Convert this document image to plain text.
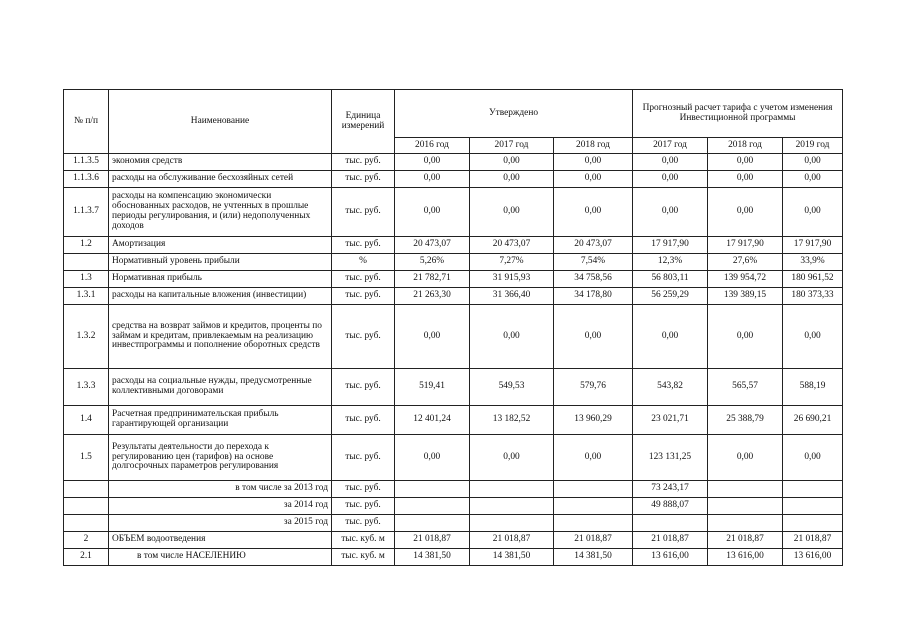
№ п/п	Наименование	Единица измерений	Утверждено			Прогнозный расчет тарифа с учетом изменения Инвестиционной программы		
			2016 год	2017 год	2018 год	2017 год	2018 год	2019 год
1.1.3.5	экономия средств	тыс. руб.	0,00	0,00	0,00	0,00	0,00	0,00
1.1.3.6	расходы на обслуживание бесхозяйных сетей	тыс. руб.	0,00	0,00	0,00	0,00	0,00	0,00
1.1.3.7	расходы на компенсацию экономически обоснованных расходов, не учтенных в прошлые периоды регулирования, и (или) недополученных доходов	тыс. руб.	0,00	0,00	0,00	0,00	0,00	0,00
1.2	Амортизация	тыс. руб.	20 473,07	20 473,07	20 473,07	17 917,90	17 917,90	17 917,90
	Нормативный уровень прибыли	%	5,26%	7,27%	7,54%	12,3%	27,6%	33,9%
1.3	Нормативная прибыль	тыс. руб.	21 782,71	31 915,93	34 758,56	56 803,11	139 954,72	180 961,52
1.3.1	расходы на капитальные вложения (инвестиции)	тыс. руб.	21 263,30	31 366,40	34 178,80	56 259,29	139 389,15	180 373,33
1.3.2	средства на возврат займов и кредитов, проценты по займам и кредитам, привлекаемым на реализацию инвестпрограммы и пополнение оборотных средств	тыс. руб.	0,00	0,00	0,00	0,00	0,00	0,00
1.3.3	расходы на социальные нужды, предусмотренные коллективными договорами	тыс. руб.	519,41	549,53	579,76	543,82	565,57	588,19
1.4	Расчетная предпринимательская прибыль гарантирующей организации	тыс. руб.	12 401,24	13 182,52	13 960,29	23 021,71	25 388,79	26 690,21
1.5	Результаты деятельности до перехода к регулированию цен (тарифов) на основе долгосрочных параметров регулирования	тыс. руб.	0,00	0,00	0,00	123 131,25	0,00	0,00
	в том числе за 2013 год	тыс. руб.				73 243,17		
	за 2014 год	тыс. руб.				49 888,07		
	за 2015 год	тыс. руб.						
2	ОБЪЕМ водоотведения	тыс. куб. м	21 018,87	21 018,87	21 018,87	21 018,87	21 018,87	21 018,87
2.1	в том числе НАСЕЛЕНИЮ	тыс. куб. м	14 381,50	14 381,50	14 381,50	13 616,00	13 616,00	13 616,00
